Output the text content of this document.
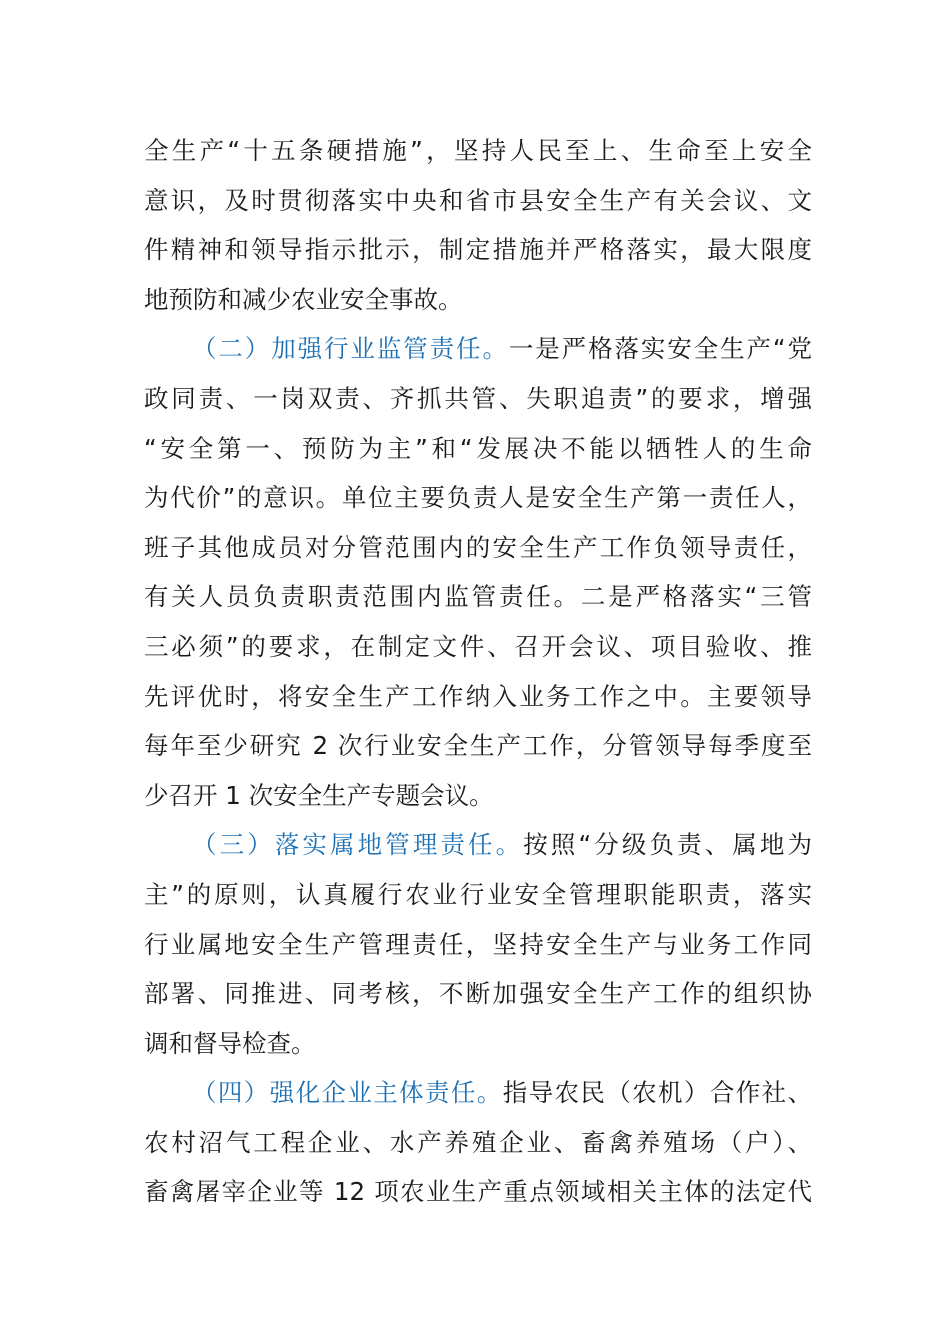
全生产“十五条硬措施”，坚持人民至上、生命至上安全
意识，及时贯彻落实中央和省市县安全生产有关会议、文
件精神和领导指示批示，制定措施并严格落实，最大限度
地预防和减少农业安全事故。
（二）加强行业监管责任。一是严格落实安全生产“党
政同责、一岗双责、齐抓共管、失职追责”的要求，增强
“安全第一、预防为主”和“发展决不能以牺牲人的生命
为代价”的意识。单位主要负责人是安全生产第一责任人，
班子其他成员对分管范围内的安全生产工作负领导责任，
有关人员负责职责范围内监管责任。二是严格落实“三管
三必须”的要求，在制定文件、召开会议、项目验收、推
先评优时，将安全生产工作纳入业务工作之中。主要领导
每年至少研究 2 次行业安全生产工作，分管领导每季度至
少召开 1 次安全生产专题会议。
（三）落实属地管理责任。按照“分级负责、属地为
主”的原则，认真履行农业行业安全管理职能职责，落实
行业属地安全生产管理责任，坚持安全生产与业务工作同
部署、同推进、同考核，不断加强安全生产工作的组织协
调和督导检查。
（四）强化企业主体责任。指导农民（农机）合作社、
农村沼气工程企业、水产养殖企业、畜禽养殖场（户）、
畜禽屠宰企业等 12 项农业生产重点领域相关主体的法定代
